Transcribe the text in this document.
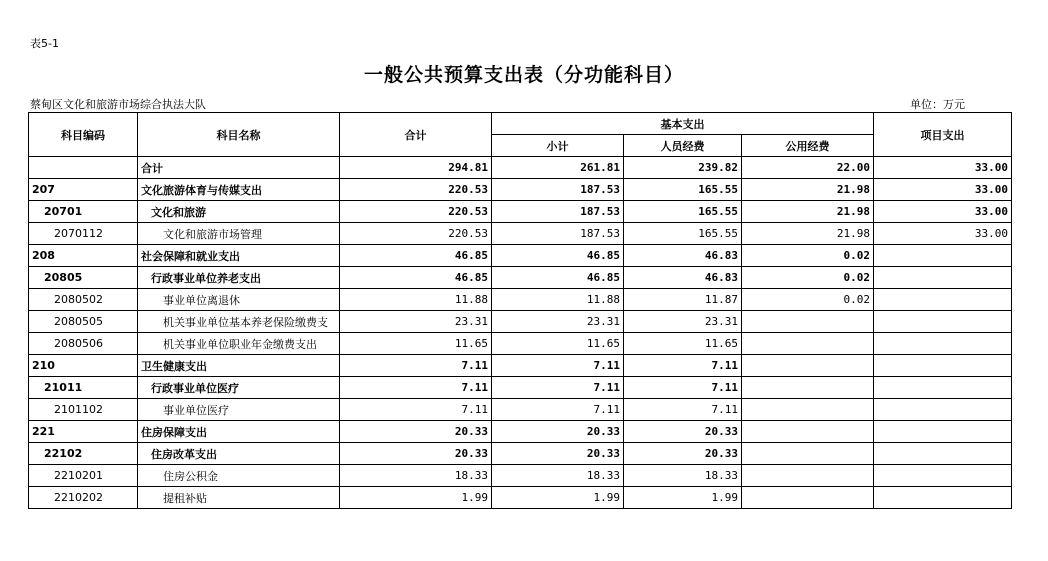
表5-1
一般公共预算支出表（分功能科目）
蔡甸区文化和旅游市场综合执法大队	单位：万元
科目编码	科目名称	合计	基本支出			项目支出
			小计	人员经费	公用经费	
	合计	294.81	261.81	239.82	22.00	33.00
207	文化旅游体育与传媒支出	220.53	187.53	165.55	21.98	33.00
20701	文化和旅游	220.53	187.53	165.55	21.98	33.00
2070112	文化和旅游市场管理	220.53	187.53	165.55	21.98	33.00
208	社会保障和就业支出	46.85	46.85	46.83	0.02	
20805	行政事业单位养老支出	46.85	46.85	46.83	0.02	
2080502	事业单位离退休	11.88	11.88	11.87	0.02	
2080505	机关事业单位基本养老保险缴费支	23.31	23.31	23.31		
2080506	机关事业单位职业年金缴费支出	11.65	11.65	11.65		
210	卫生健康支出	7.11	7.11	7.11		
21011	行政事业单位医疗	7.11	7.11	7.11		
2101102	事业单位医疗	7.11	7.11	7.11		
221	住房保障支出	20.33	20.33	20.33		
22102	住房改革支出	20.33	20.33	20.33		
2210201	住房公积金	18.33	18.33	18.33		
2210202	提租补贴	1.99	1.99	1.99		
